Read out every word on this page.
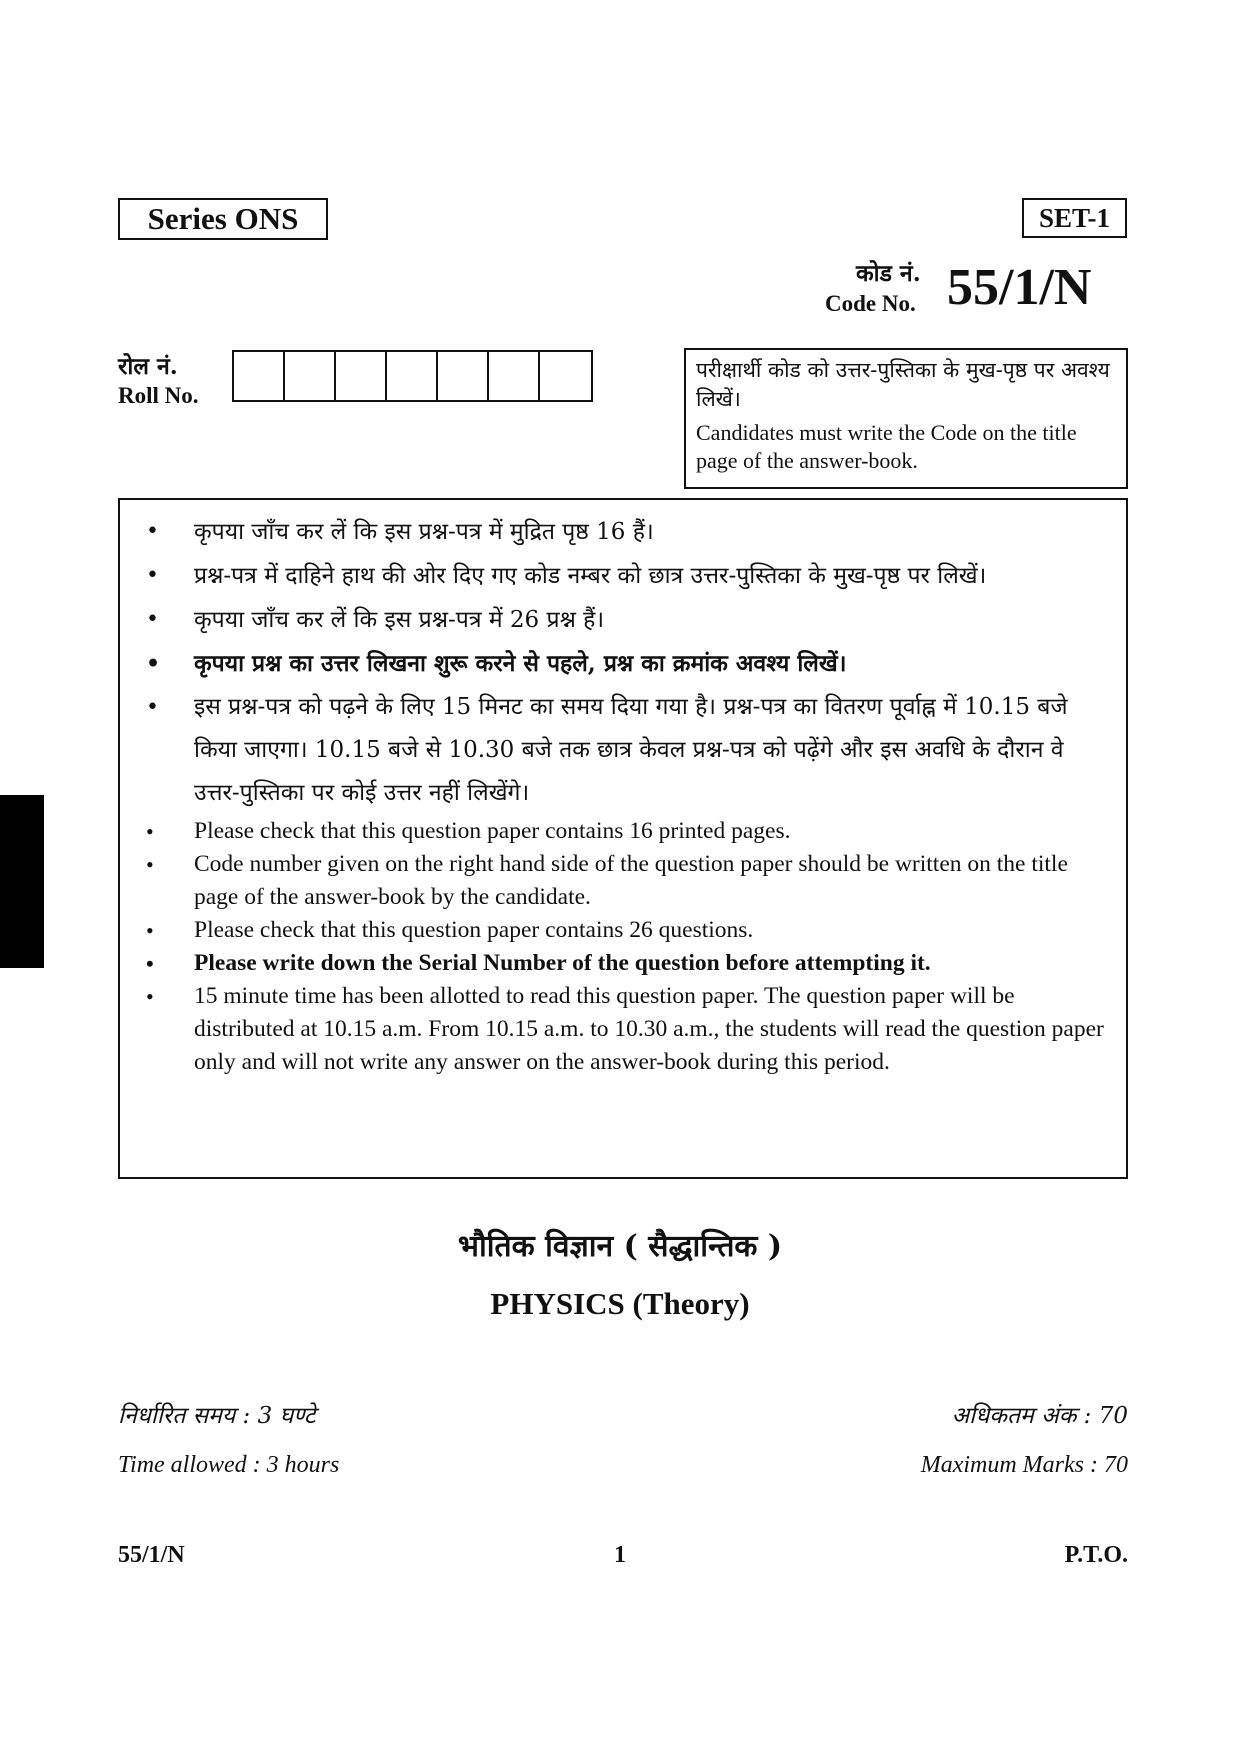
Series ONS	SET-1
कोड नं.
Code No. 55/1/N
रोल नं.
Roll No.
परीक्षार्थी कोड को उत्तर-पुस्तिका के मुख-पृष्ठ पर अवश्य लिखें।
Candidates must write the Code on the title page of the answer-book.
• कृपया जाँच कर लें कि इस प्रश्न-पत्र में मुद्रित पृष्ठ 16 हैं।
• प्रश्न-पत्र में दाहिने हाथ की ओर दिए गए कोड नम्बर को छात्र उत्तर-पुस्तिका के मुख-पृष्ठ पर लिखें।
• कृपया जाँच कर लें कि इस प्रश्न-पत्र में 26 प्रश्न हैं।
• कृपया प्रश्न का उत्तर लिखना शुरू करने से पहले, प्रश्न का क्रमांक अवश्य लिखें।
• इस प्रश्न-पत्र को पढ़ने के लिए 15 मिनट का समय दिया गया है। प्रश्न-पत्र का वितरण पूर्वाह्न में 10.15 बजे किया जाएगा। 10.15 बजे से 10.30 बजे तक छात्र केवल प्रश्न-पत्र को पढ़ेंगे और इस अवधि के दौरान वे उत्तर-पुस्तिका पर कोई उत्तर नहीं लिखेंगे।
• Please check that this question paper contains 16 printed pages.
• Code number given on the right hand side of the question paper should be written on the title page of the answer-book by the candidate.
• Please check that this question paper contains 26 questions.
• Please write down the Serial Number of the question before attempting it.
• 15 minute time has been allotted to read this question paper. The question paper will be distributed at 10.15 a.m. From 10.15 a.m. to 10.30 a.m., the students will read the question paper only and will not write any answer on the answer-book during this period.
भौतिक विज्ञान ( सैद्धान्तिक )
PHYSICS (Theory)
निर्धारित समय : 3 घण्टे
Time allowed : 3 hours
अधिकतम अंक : 70
Maximum Marks : 70
55/1/N	1	P.T.O.
